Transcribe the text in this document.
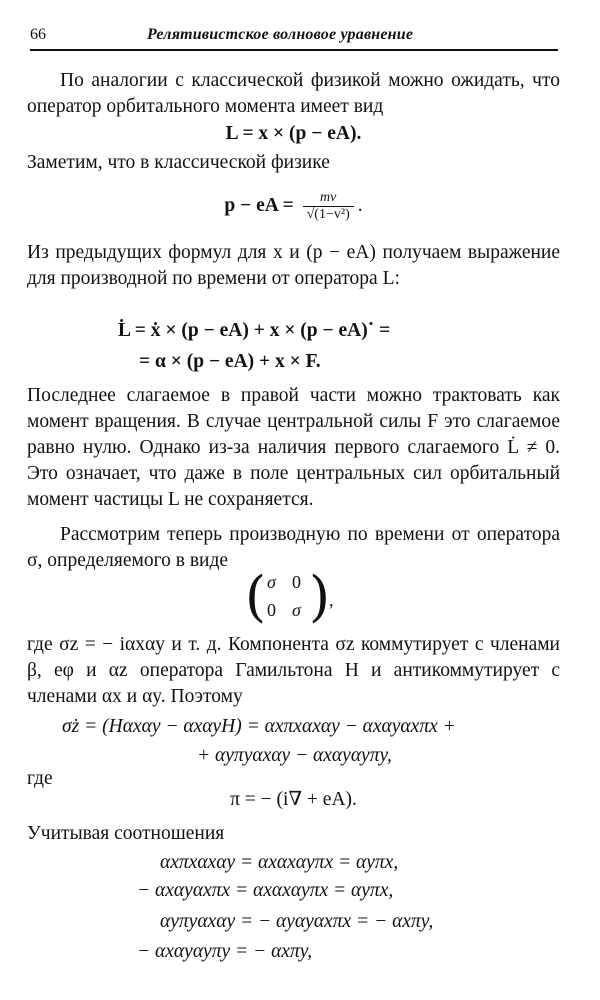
66	Релятивистское волновое уравнение

По аналогии с классической физикой можно ожидать, что оператор орбитального момента имеет вид

L = x × (p − eA).

Заметим, что в классической физике

p − eA = $\frac{mv}{\text{√(1−v²)}}$ .

Из предыдущих формул для x и (p − eA) получаем выражение для производной по времени от оператора L:

L̇ = ẋ × (p − eA) + x × (p − eA)˙ =
= α × (p − eA) + x × F.

Последнее слагаемое в правой части можно трактовать как момент вращения. В случае центральной силы F это слагаемое равно нулю. Однако из-за наличия первого слагаемого L̇ ≠ 0. Это означает, что даже в поле центральных сил орбитальный момент частицы L не сохраняется.

Рассмотрим теперь производную по времени от оператора σ, определяемого в виде

( σ 0
0 σ )
,

где σz = − iαxαy и т. д. Компонента σz коммутирует с членами β, eφ и αz оператора Гамильтона H и антикоммутирует с членами αx и αy. Поэтому

σ̇z = (Hαxαy − αxαyH) = αxπxαxαy − αxαyαxπx +
+ αyπyαxαy − αxαyαyπy,
где
π = − (i∇ + eA).

Учитывая соотношения

αxπxαxαy = αxαxαyπx = αyπx,
− αxαyαxπx = αxαxαyπx = αyπx,
αyπyαxαy = − αyαyαxπx = − αxπy,
− αxαyαyπy = − αxπy,
